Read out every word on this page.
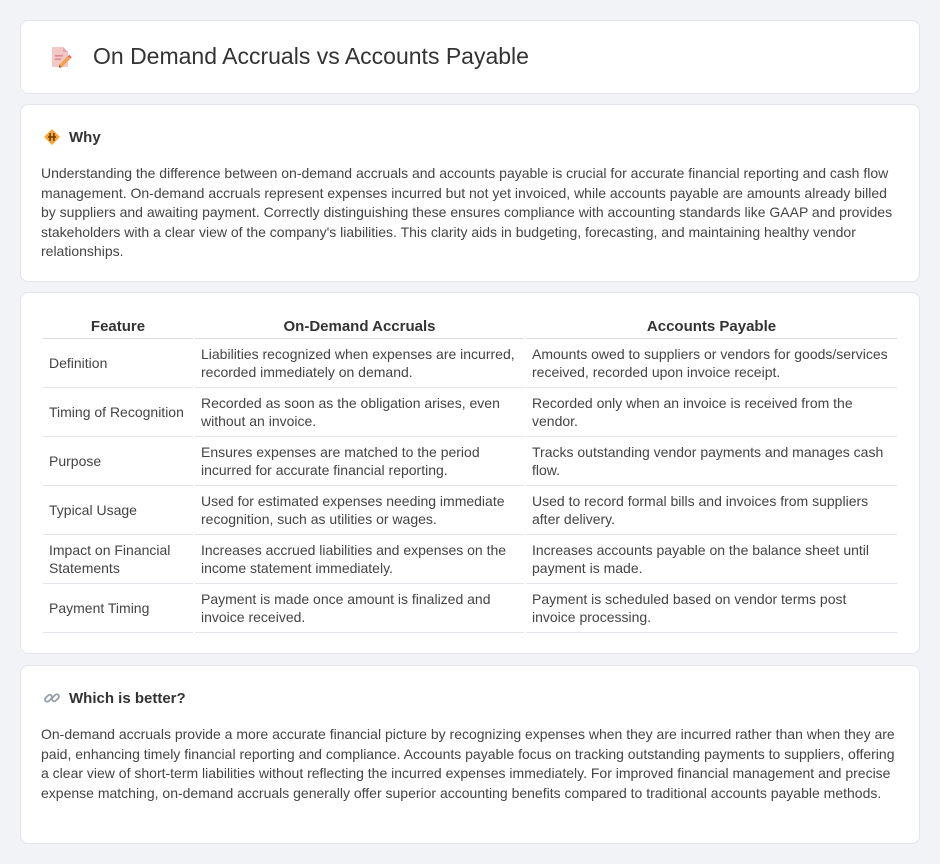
On Demand Accruals vs Accounts Payable
Why

Understanding the difference between on-demand accruals and accounts payable is crucial for accurate financial reporting and cash flow management. On-demand accruals represent expenses incurred but not yet invoiced, while accounts payable are amounts already billed by suppliers and awaiting payment. Correctly distinguishing these ensures compliance with accounting standards like GAAP and provides stakeholders with a clear view of the company's liabilities. This clarity aids in budgeting, forecasting, and maintaining healthy vendor relationships.

Feature	On-Demand Accruals	Accounts Payable
Definition	Liabilities recognized when expenses are incurred, recorded immediately on demand.	Amounts owed to suppliers or vendors for goods/services received, recorded upon invoice receipt.
Timing of Recognition	Recorded as soon as the obligation arises, even without an invoice.	Recorded only when an invoice is received from the vendor.
Purpose	Ensures expenses are matched to the period incurred for accurate financial reporting.	Tracks outstanding vendor payments and manages cash flow.
Typical Usage	Used for estimated expenses needing immediate recognition, such as utilities or wages.	Used to record formal bills and invoices from suppliers after delivery.
Impact on Financial Statements	Increases accrued liabilities and expenses on the income statement immediately.	Increases accounts payable on the balance sheet until payment is made.
Payment Timing	Payment is made once amount is finalized and invoice received.	Payment is scheduled based on vendor terms post invoice processing.
Which is better?

On-demand accruals provide a more accurate financial picture by recognizing expenses when they are incurred rather than when they are paid, enhancing timely financial reporting and compliance. Accounts payable focus on tracking outstanding payments to suppliers, offering a clear view of short-term liabilities without reflecting the incurred expenses immediately. For improved financial management and precise expense matching, on-demand accruals generally offer superior accounting benefits compared to traditional accounts payable methods.
